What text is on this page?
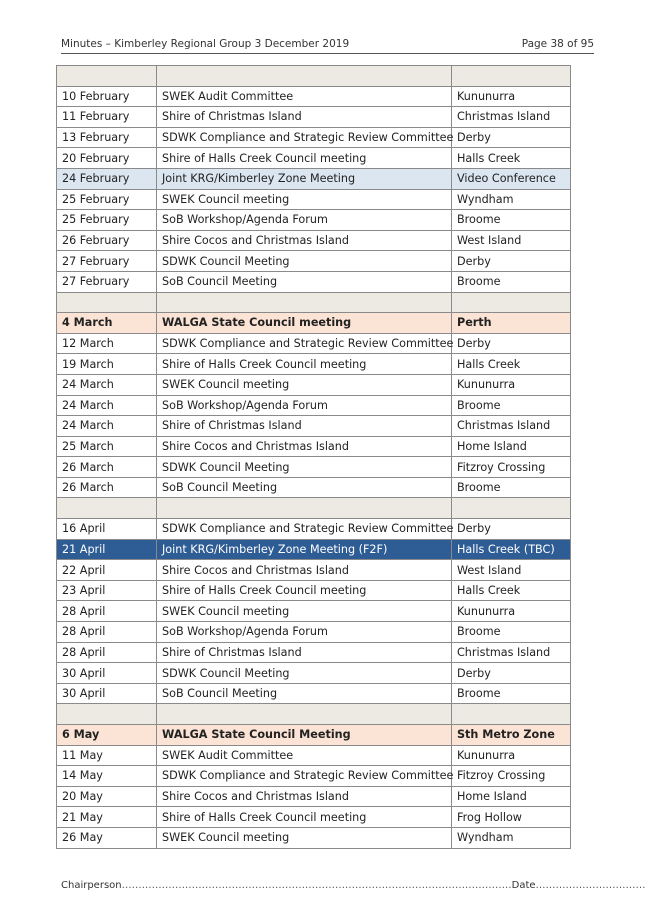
Minutes – Kimberley Regional Group 3 December 2019	Page 38 of 95

10 February	SWEK Audit Committee	Kununurra
11 February	Shire of Christmas Island	Christmas Island
13 February	SDWK Compliance and Strategic Review Committee	Derby
20 February	Shire of Halls Creek Council meeting	Halls Creek
24 February	Joint KRG/Kimberley Zone Meeting	Video Conference
25 February	SWEK Council meeting	Wyndham
25 February	SoB Workshop/Agenda Forum	Broome
26 February	Shire Cocos and Christmas Island	West Island
27 February	SDWK Council Meeting	Derby
27 February	SoB Council Meeting	Broome

4 March	WALGA State Council meeting	Perth
12 March	SDWK Compliance and Strategic Review Committee	Derby
19 March	Shire of Halls Creek Council meeting	Halls Creek
24 March	SWEK Council meeting	Kununurra
24 March	SoB Workshop/Agenda Forum	Broome
24 March	Shire of Christmas Island	Christmas Island
25 March	Shire Cocos and Christmas Island	Home Island
26 March	SDWK Council Meeting	Fitzroy Crossing
26 March	SoB Council Meeting	Broome

16 April	SDWK Compliance and Strategic Review Committee	Derby
21 April	Joint KRG/Kimberley Zone Meeting (F2F)	Halls Creek (TBC)
22 April	Shire Cocos and Christmas Island	West Island
23 April	Shire of Halls Creek Council meeting	Halls Creek
28 April	SWEK Council meeting	Kununurra
28 April	SoB Workshop/Agenda Forum	Broome
28 April	Shire of Christmas Island	Christmas Island
30 April	SDWK Council Meeting	Derby
30 April	SoB Council Meeting	Broome

6 May	WALGA State Council Meeting	Sth Metro Zone
11 May	SWEK Audit Committee	Kununurra
14 May	SDWK Compliance and Strategic Review Committee	Fitzroy Crossing
20 May	Shire Cocos and Christmas Island	Home Island
21 May	Shire of Halls Creek Council meeting	Frog Hollow
26 May	SWEK Council meeting	Wyndham
Chairperson………………………………………………………………………………………………………Date……………………………
